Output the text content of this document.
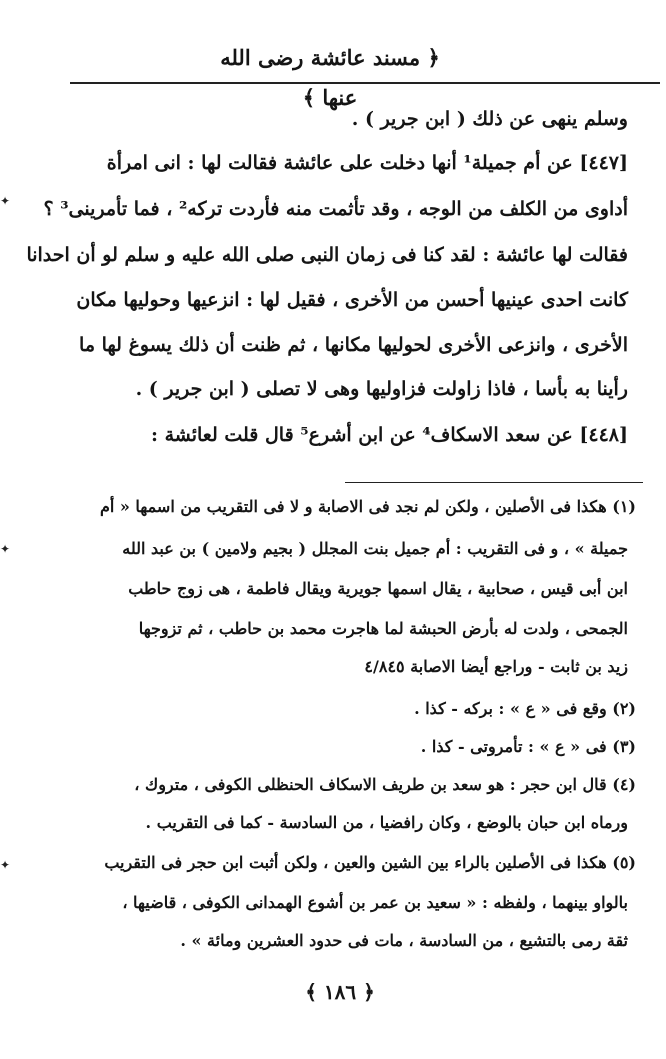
﴿ مسند عائشة رضى الله عنها ﴾
وسلم ينهى عن ذلك ( ابن جرير ) .
[٤٤٧] عن أم جميلة¹ أنها دخلت على عائشة فقالت لها : انى امرأة
أداوى من الكلف من الوجه ، وقد تأثمت منه فأردت تركه² ، فما تأمرينى³ ؟
فقالت لها عائشة : لقد كنا فى زمان النبى صلى الله عليه و سلم لو أن احدانا
كانت احدى عينيها أحسن من الأخرى ، فقيل لها : انزعيها وحوليها مكان
الأخرى ، وانزعى الأخرى لحوليها مكانها ، ثم ظنت أن ذلك يسوغ لها ما
رأينا به بأسا ، فاذا زاولت فزاوليها وهى لا تصلى ( ابن جرير ) .
[٤٤٨] عن سعد الاسكاف⁴ عن ابن أشرع⁵ قال قلت لعائشة :
(١) هكذا فى الأصلين ، ولكن لم نجد فى الاصابة و لا فى التقريب من اسمها « أم
جميلة » ، و فى التقريب : أم جميل بنت المجلل ( بجيم ولامين ) بن عبد الله
ابن أبى قيس ، صحابية ، يقال اسمها جويرية ويقال فاطمة ، هى زوج حاطب
الجمحى ، ولدت له بأرض الحبشة لما هاجرت محمد بن حاطب ، ثم تزوجها
زيد بن ثابت - وراجع أيضا الاصابة ٤/٨٤٥
(٢) وقع فى « ع » : بركه - كذا .
(٣) فى « ع » : تأمروتى - كذا .
(٤) قال ابن حجر : هو سعد بن طريف الاسكاف الحنظلى الكوفى ، متروك ،
ورماه ابن حبان بالوضع ، وكان رافضيا ، من السادسة - كما فى التقريب .
(٥) هكذا فى الأصلين بالراء بين الشين والعين ، ولكن أثبت ابن حجر فى التقريب
بالواو بينهما ، ولفظه : « سعيد بن عمر بن أشوع الهمدانى الكوفى ، قاضيها ،
ثقة رمى بالتشيع ، من السادسة ، مات فى حدود العشرين ومائة » .
﴿ ١٨٦ ﴾
✦
✦
✦
